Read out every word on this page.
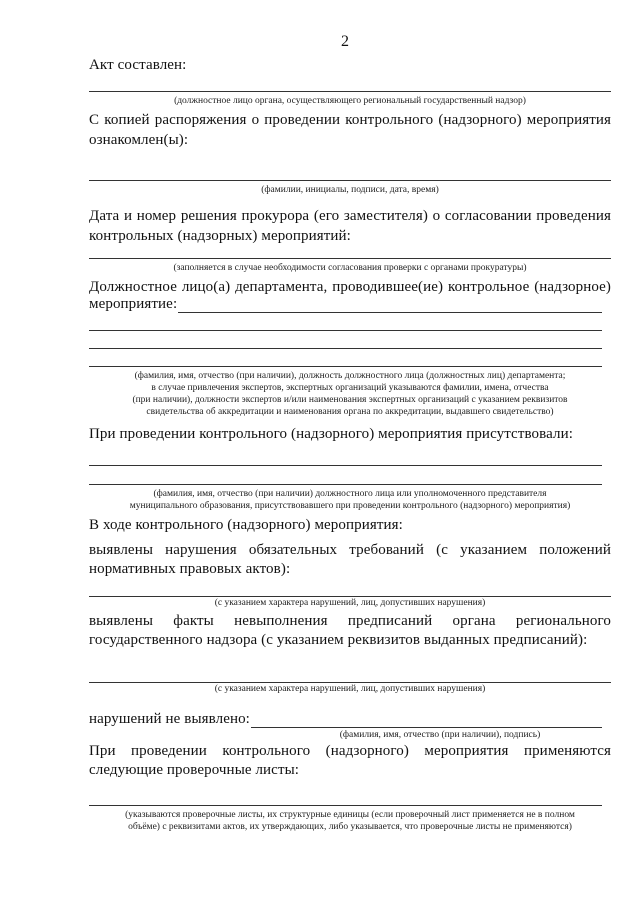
2
Акт составлен:
(должностное лицо органа, осуществляющего региональный государственный надзор)
С копией распоряжения о проведении контрольного (надзорного) мероприятия
ознакомлен(ы):
(фамилии, инициалы, подписи, дата, время)
Дата и номер решения прокурора (его заместителя) о согласовании проведения
контрольных (надзорных) мероприятий:
(заполняется в случае необходимости согласования проверки с органами прокуратуры)
Должностное лицо(а) департамента, проводившее(ие) контрольное (надзорное)
мероприятие:
(фамилия, имя, отчество (при наличии), должность должностного лица (должностных лиц) департамента;
в случае привлечения экспертов, экспертных организаций указываются фамилии, имена, отчества
(при наличии), должности экспертов и/или наименования экспертных организаций с указанием реквизитов
свидетельства об аккредитации и наименования органа по аккредитации, выдавшего свидетельство)
При проведении контрольного (надзорного) мероприятия присутствовали:
(фамилия, имя, отчество (при наличии) должностного лица или уполномоченного представителя
муниципального образования, присутствовавшего при проведении контрольного (надзорного) мероприятия)
В ходе контрольного (надзорного) мероприятия:
выявлены нарушения обязательных требований (с указанием положений
нормативных правовых актов):
(с указанием характера нарушений, лиц, допустивших нарушения)
выявлены факты невыполнения предписаний органа регионального
государственного надзора (с указанием реквизитов выданных предписаний):
(с указанием характера нарушений, лиц, допустивших нарушения)
нарушений не выявлено:
(фамилия, имя, отчество (при наличии), подпись)
При проведении контрольного (надзорного) мероприятия применяются
следующие проверочные листы:
(указываются проверочные листы, их структурные единицы (если проверочный лист применяется не в полном
объёме) с реквизитами актов, их утверждающих, либо указывается, что проверочные листы не применяются)
